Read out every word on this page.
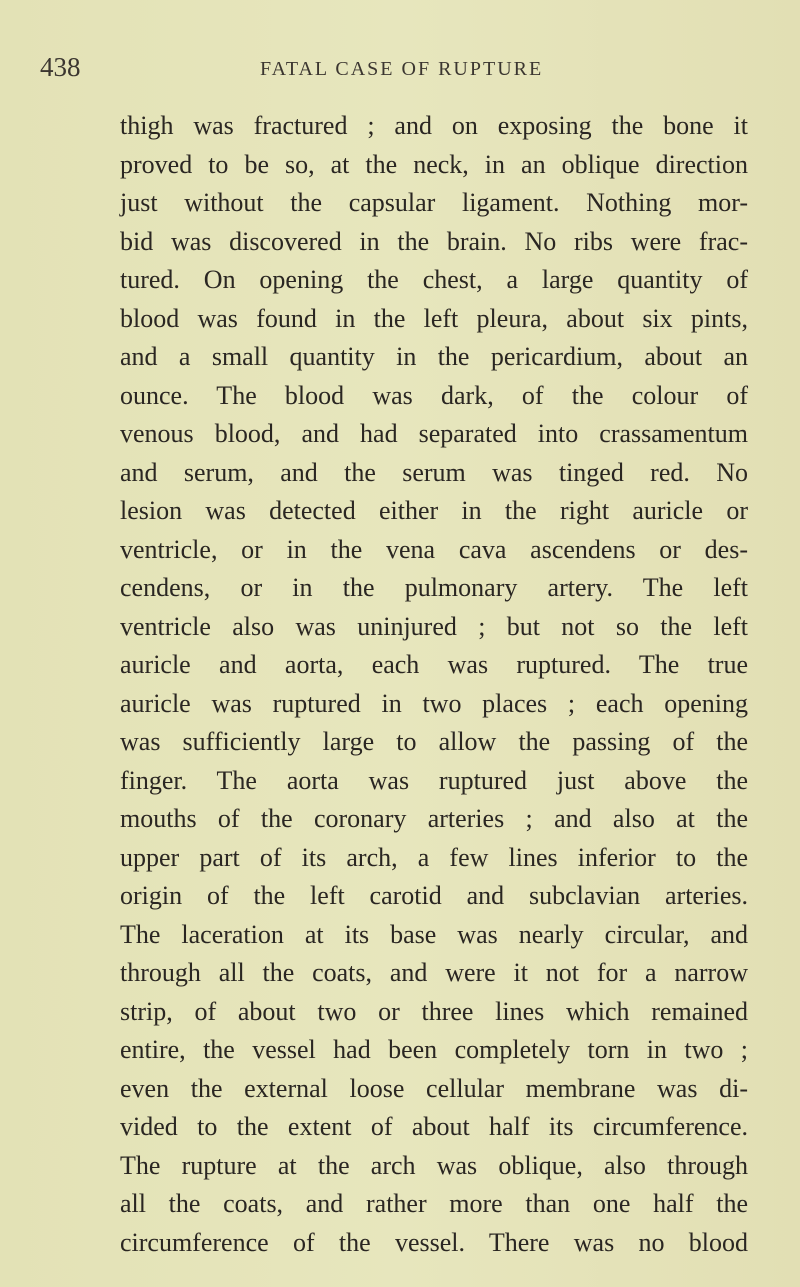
438	FATAL CASE OF RUPTURE
thigh was fractured ; and on exposing the bone it
proved to be so, at the neck, in an oblique direction
just without the capsular ligament. Nothing mor-
bid was discovered in the brain. No ribs were frac-
tured. On opening the chest, a large quantity of
blood was found in the left pleura, about six pints,
and a small quantity in the pericardium, about an
ounce. The blood was dark, of the colour of
venous blood, and had separated into crassamentum
and serum, and the serum was tinged red. No
lesion was detected either in the right auricle or
ventricle, or in the vena cava ascendens or des-
cendens, or in the pulmonary artery. The left
ventricle also was uninjured ; but not so the left
auricle and aorta, each was ruptured. The true
auricle was ruptured in two places ; each opening
was sufficiently large to allow the passing of the
finger. The aorta was ruptured just above the
mouths of the coronary arteries ; and also at the
upper part of its arch, a few lines inferior to the
origin of the left carotid and subclavian arteries.
The laceration at its base was nearly circular, and
through all the coats, and were it not for a narrow
strip, of about two or three lines which remained
entire, the vessel had been completely torn in two ;
even the external loose cellular membrane was di-
vided to the extent of about half its circumference.
The rupture at the arch was oblique, also through
all the coats, and rather more than one half the
circumference of the vessel. There was no blood
